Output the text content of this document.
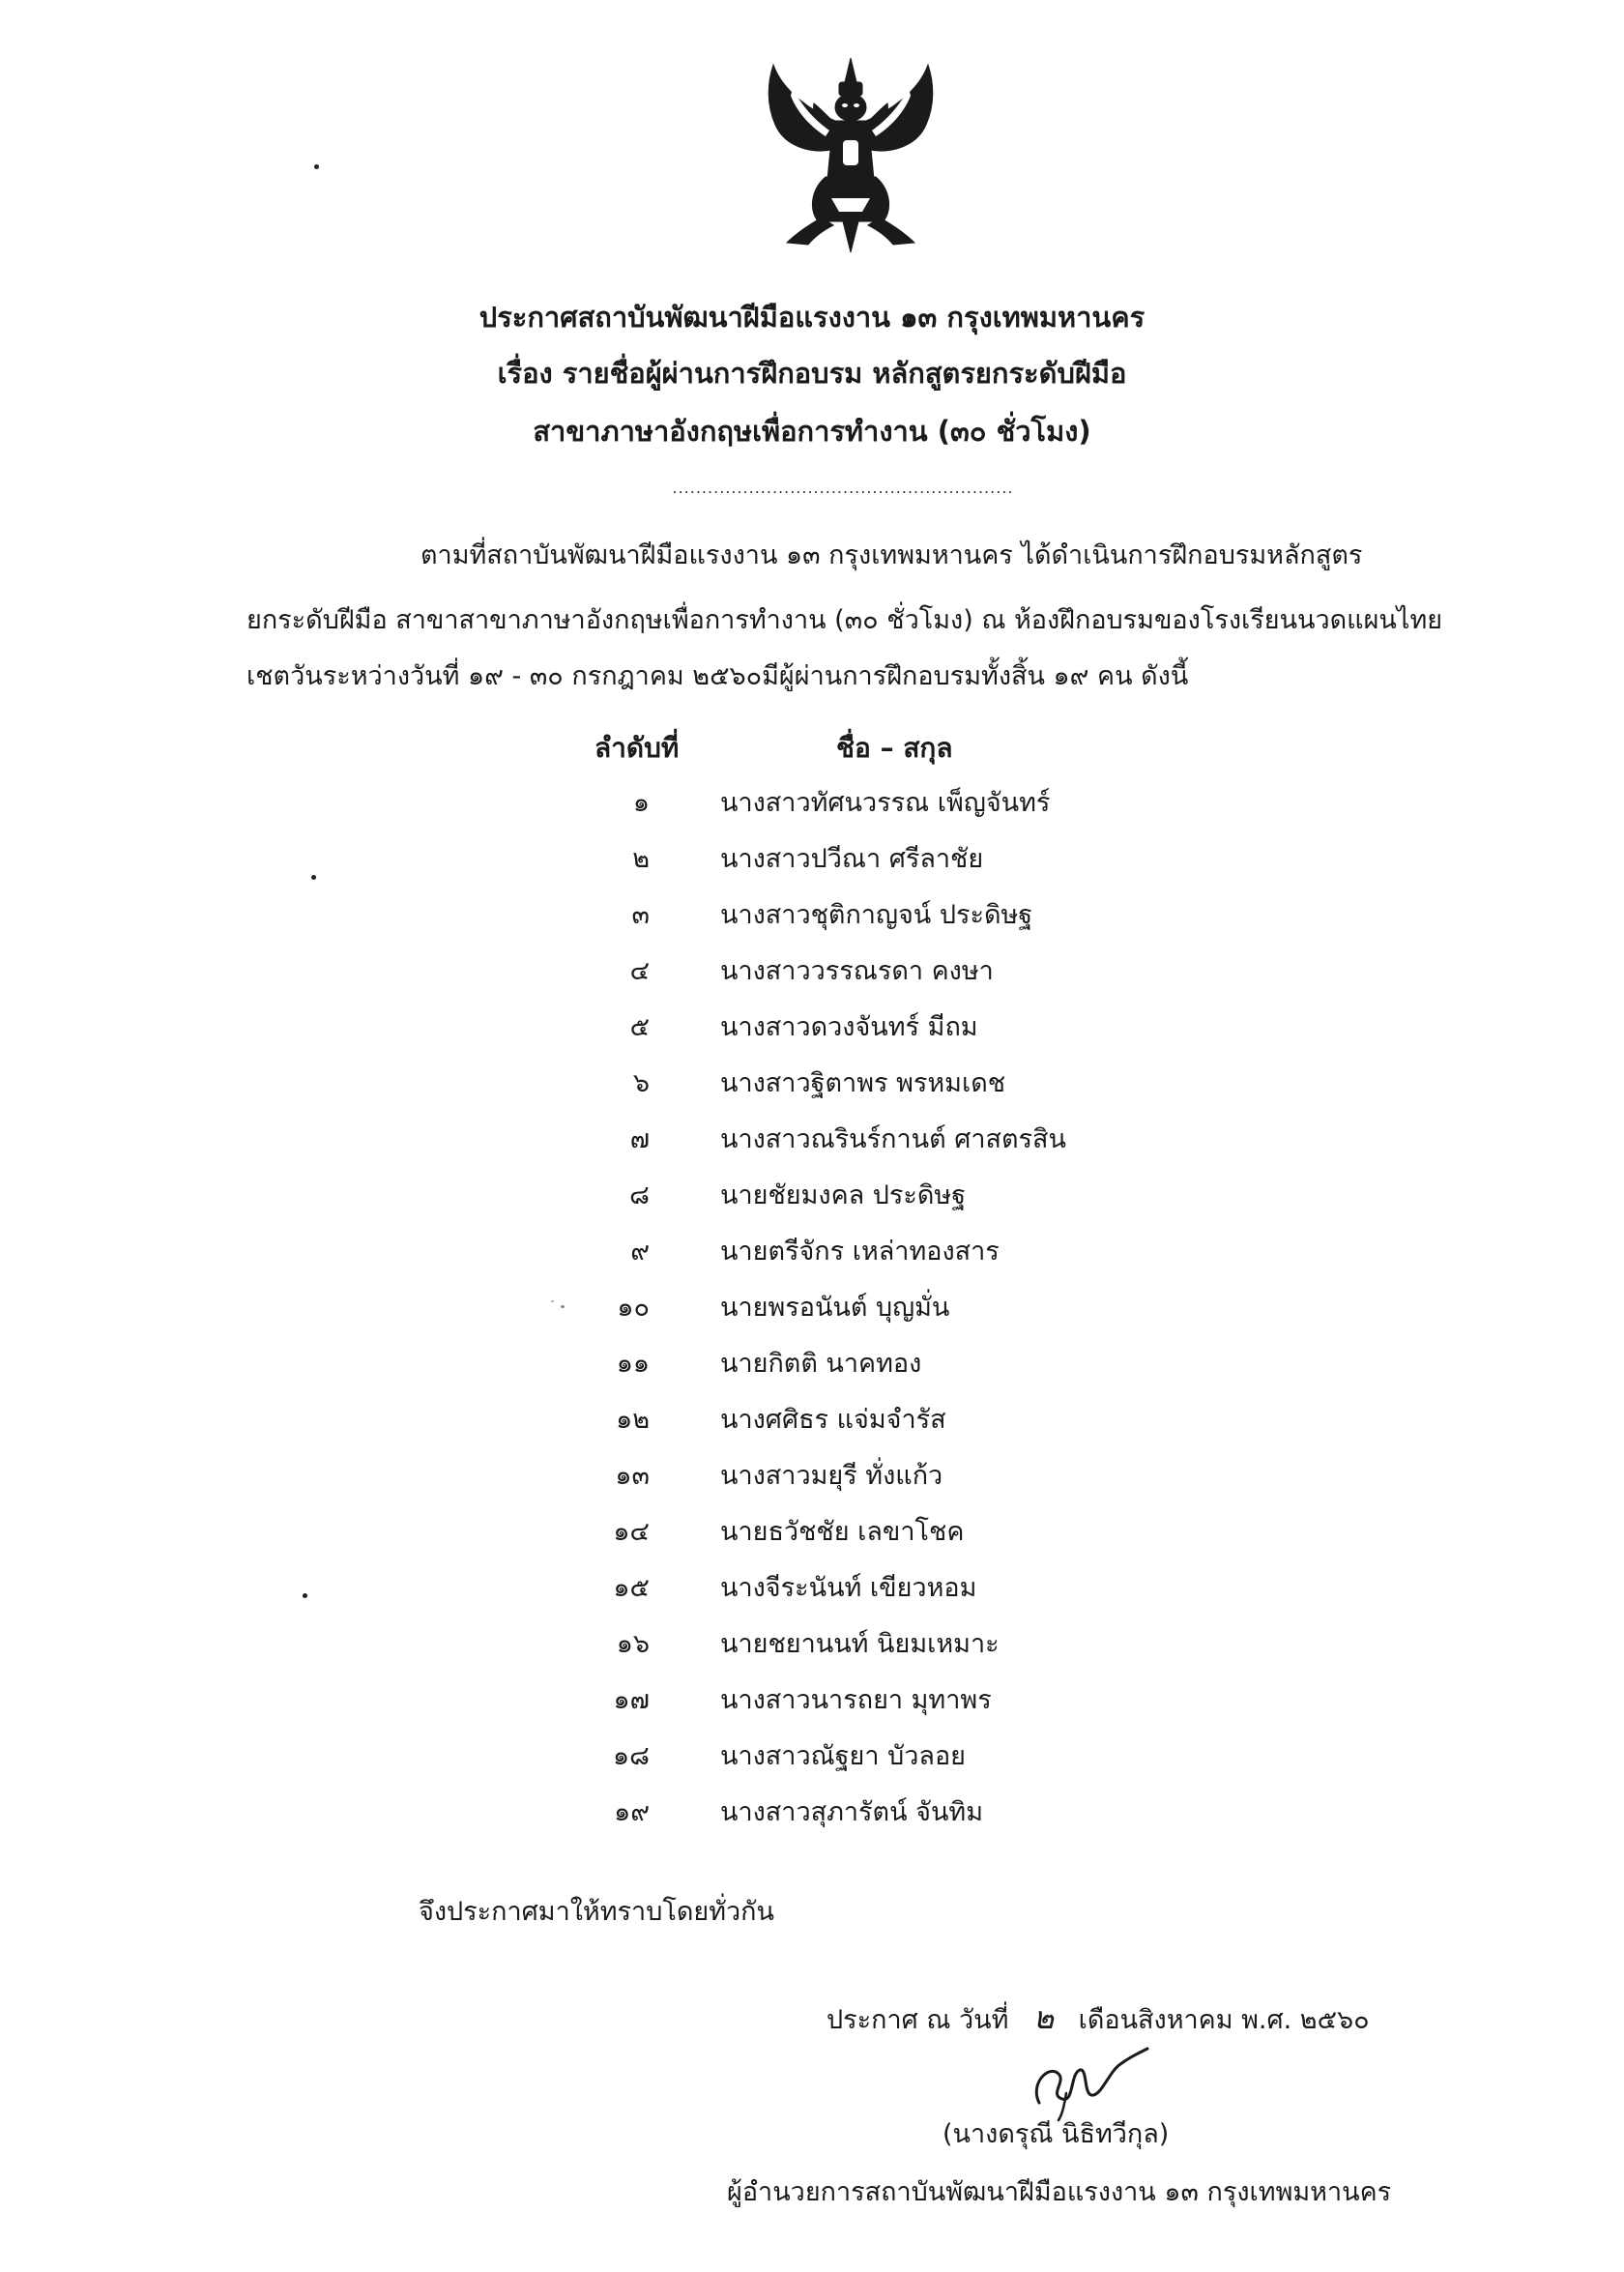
ประกาศสถาบันพัฒนาฝีมือแรงงาน ๑๓ กรุงเทพมหานคร
เรื่อง รายชื่อผู้ผ่านการฝึกอบรม หลักสูตรยกระดับฝีมือ
สาขาภาษาอังกฤษเพื่อการทำงาน (๓๐ ชั่วโมง)
..........................................................
ตามที่สถาบันพัฒนาฝีมือแรงงาน ๑๓ กรุงเทพมหานคร ได้ดำเนินการฝึกอบรมหลักสูตร
ยกระดับฝีมือ สาขาสาขาภาษาอังกฤษเพื่อการทำงาน (๓๐ ชั่วโมง) ณ ห้องฝึกอบรมของโรงเรียนนวดแผนไทย
เชตวันระหว่างวันที่ ๑๙ - ๓๐ กรกฎาคม ๒๕๖๐มีผู้ผ่านการฝึกอบรมทั้งสิ้น ๑๙ คน ดังนี้
ลำดับที่	ชื่อ – สกุล
๑	นางสาวทัศนวรรณ เพ็ญจันทร์
๒	นางสาวปวีณา ศรีลาชัย
๓	นางสาวชุติกาญจน์ ประดิษฐ
๔	นางสาววรรณรดา คงษา
๕	นางสาวดวงจันทร์ มีถม
๖	นางสาวฐิตาพร พรหมเดช
๗	นางสาวณรินร์กานต์ ศาสตรสิน
๘	นายชัยมงคล ประดิษฐ
๙	นายตรีจักร เหล่าทองสาร
๑๐	นายพรอนันต์ บุญมั่น
๑๑	นายกิตติ นาคทอง
๑๒	นางศศิธร แจ่มจำรัส
๑๓	นางสาวมยุรี ทั่งแก้ว
๑๔	นายธวัชชัย เลขาโชค
๑๕	นางจีระนันท์ เขียวหอม
๑๖	นายชยานนท์ นิยมเหมาะ
๑๗	นางสาวนารถยา มุทาพร
๑๘	นางสาวณัฐยา บัวลอย
๑๙	นางสาวสุภารัตน์ จันทิม
จึงประกาศมาให้ทราบโดยทั่วกัน
ประกาศ ณ วันที่ ๒ เดือนสิงหาคม พ.ศ. ๒๕๖๐
(นางดรุณี นิธิทวีกุล)
ผู้อำนวยการสถาบันพัฒนาฝีมือแรงงาน ๑๓ กรุงเทพมหานคร
